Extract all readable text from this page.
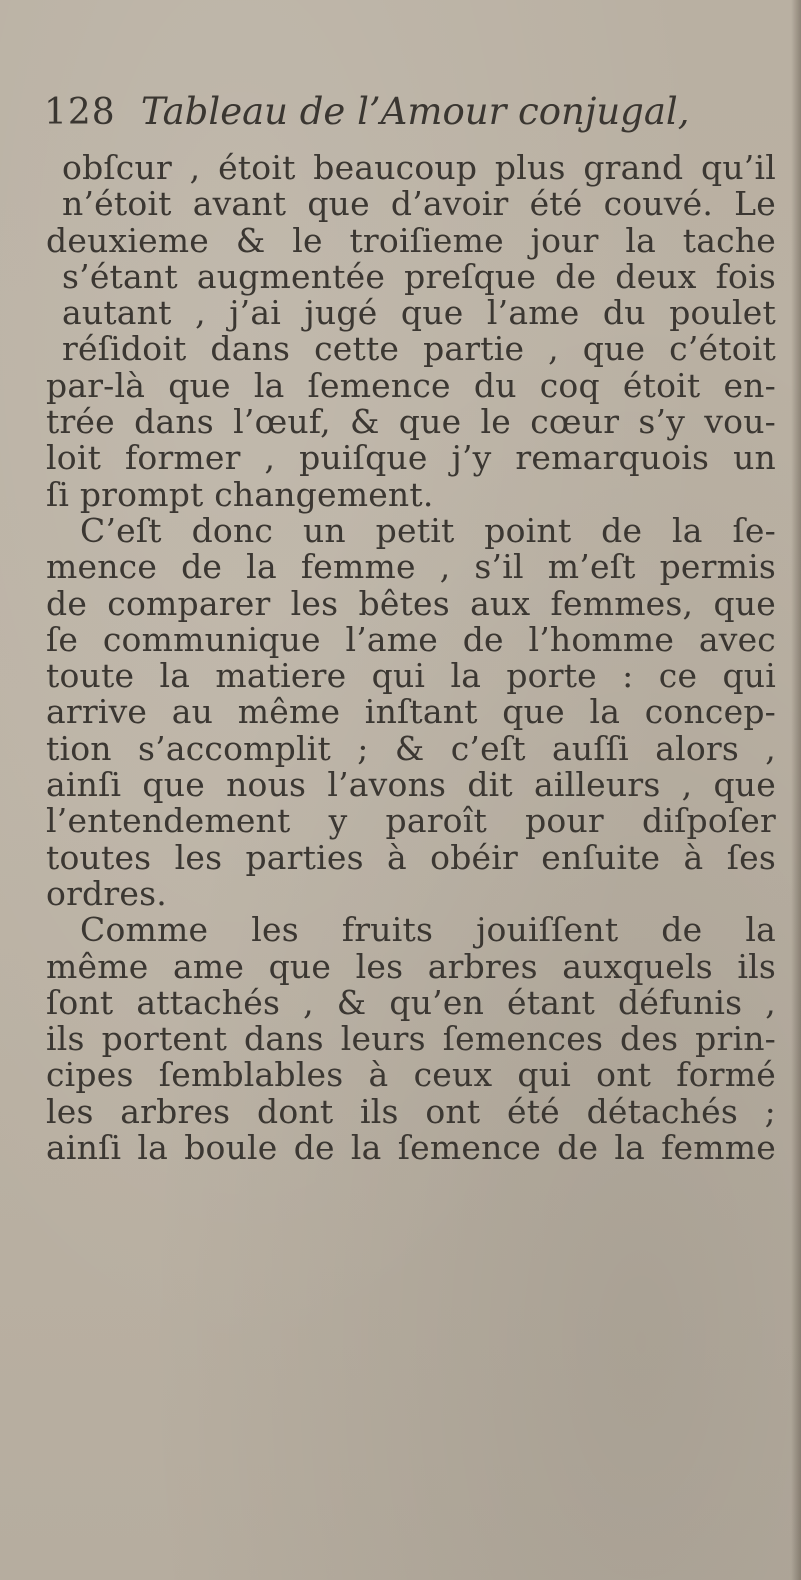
128 Tableau de l’Amour conjugal,
obſcur , étoit beaucoup plus grand qu’il
n’étoit avant que d’avoir été couvé. Le
deuxieme & le troiſieme jour la tache
s’étant augmentée preſque de deux fois
autant , j’ai jugé que l’ame du poulet
réſidoit dans cette partie , que c’étoit
par-là que la ſemence du coq étoit en-
trée dans l’œuf, & que le cœur s’y vou-
loit former , puiſque j’y remarquois un
ſi prompt changement.
C’eſt donc un petit point de la ſe-
mence de la femme , s’il m’eſt permis
de comparer les bêtes aux femmes, que
ſe communique l’ame de l’homme avec
toute la matiere qui la porte : ce qui
arrive au même inſtant que la concep-
tion s’accomplit ; & c’eſt auſſi alors ,
ainſi que nous l’avons dit ailleurs , que
l’entendement y paroît pour diſpoſer
toutes les parties à obéir enſuite à ſes
ordres.
Comme les fruits jouiſſent de la
même ame que les arbres auxquels ils
ſont attachés , & qu’en étant défunis ,
ils portent dans leurs ſemences des prin-
cipes ſemblables à ceux qui ont formé
les arbres dont ils ont été détachés ;
ainſi la boule de la ſemence de la femme
